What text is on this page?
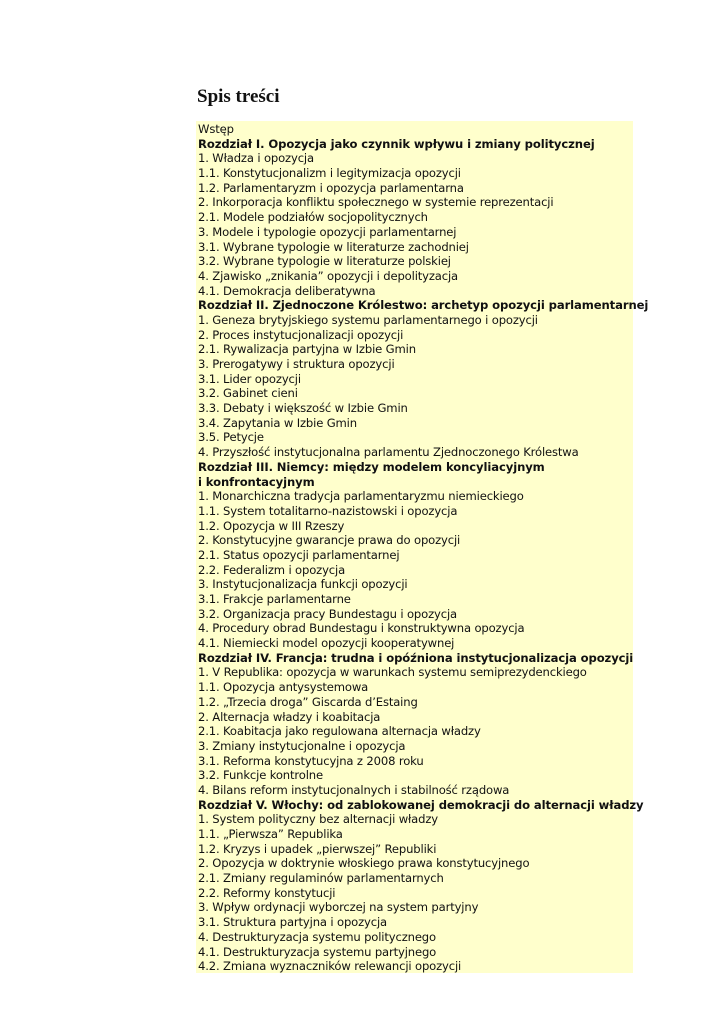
Spis treści
Wstęp
Rozdział I. Opozycja jako czynnik wpływu i zmiany politycznej
1. Władza i opozycja
1.1. Konstytucjonalizm i legitymizacja opozycji
1.2. Parlamentaryzm i opozycja parlamentarna
2. Inkorporacja konfliktu społecznego w systemie reprezentacji
2.1. Modele podziałów socjopolitycznych
3. Modele i typologie opozycji parlamentarnej
3.1. Wybrane typologie w literaturze zachodniej
3.2. Wybrane typologie w literaturze polskiej
4. Zjawisko „znikania” opozycji i depolityzacja
4.1. Demokracja deliberatywna
Rozdział II. Zjednoczone Królestwo: archetyp opozycji parlamentarnej
1. Geneza brytyjskiego systemu parlamentarnego i opozycji
2. Proces instytucjonalizacji opozycji
2.1. Rywalizacja partyjna w Izbie Gmin
3. Prerogatywy i struktura opozycji
3.1. Lider opozycji
3.2. Gabinet cieni
3.3. Debaty i większość w Izbie Gmin
3.4. Zapytania w Izbie Gmin
3.5. Petycje
4. Przyszłość instytucjonalna parlamentu Zjednoczonego Królestwa
Rozdział III. Niemcy: między modelem koncyliacyjnym
i konfrontacyjnym
1. Monarchiczna tradycja parlamentaryzmu niemieckiego
1.1. System totalitarno-nazistowski i opozycja
1.2. Opozycja w III Rzeszy
2. Konstytucyjne gwarancje prawa do opozycji
2.1. Status opozycji parlamentarnej
2.2. Federalizm i opozycja
3. Instytucjonalizacja funkcji opozycji
3.1. Frakcje parlamentarne
3.2. Organizacja pracy Bundestagu i opozycja
4. Procedury obrad Bundestagu i konstruktywna opozycja
4.1. Niemiecki model opozycji kooperatywnej
Rozdział IV. Francja: trudna i opóźniona instytucjonalizacja opozycji
1. V Republika: opozycja w warunkach systemu semiprezydenckiego
1.1. Opozycja antysystemowa
1.2. „Trzecia droga” Giscarda d’Estaing
2. Alternacja władzy i koabitacja
2.1. Koabitacja jako regulowana alternacja władzy
3. Zmiany instytucjonalne i opozycja
3.1. Reforma konstytucyjna z 2008 roku
3.2. Funkcje kontrolne
4. Bilans reform instytucjonalnych i stabilność rządowa
Rozdział V. Włochy: od zablokowanej demokracji do alternacji władzy
1. System polityczny bez alternacji władzy
1.1. „Pierwsza” Republika
1.2. Kryzys i upadek „pierwszej” Republiki
2. Opozycja w doktrynie włoskiego prawa konstytucyjnego
2.1. Zmiany regulaminów parlamentarnych
2.2. Reformy konstytucji
3. Wpływ ordynacji wyborczej na system partyjny
3.1. Struktura partyjna i opozycja
4. Destrukturyzacja systemu politycznego
4.1. Destrukturyzacja systemu partyjnego
4.2. Zmiana wyznaczników relewancji opozycji
